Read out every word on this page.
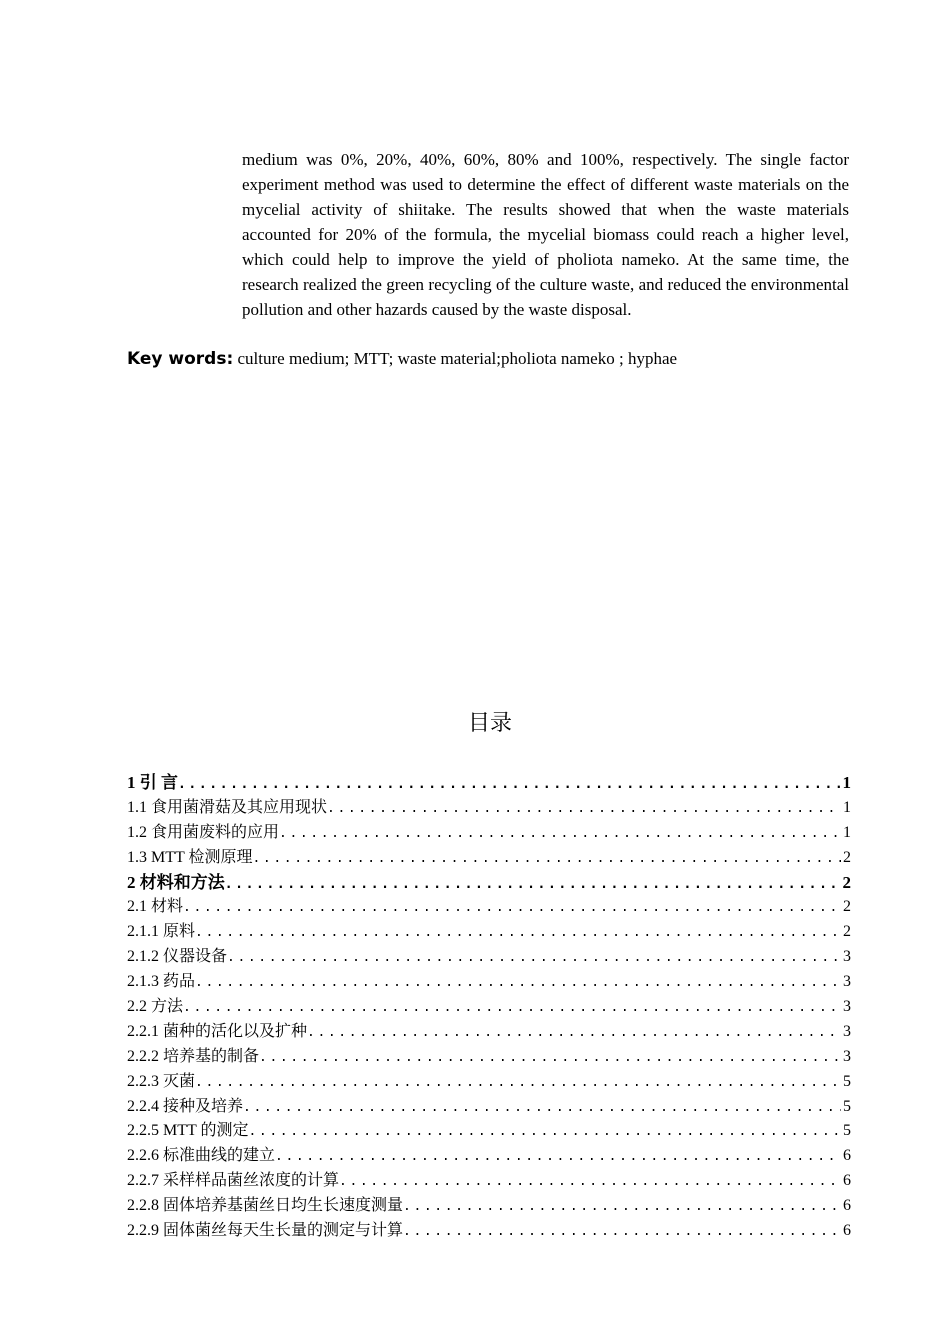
medium was 0%, 20%, 40%, 60%, 80% and 100%, respectively. The single factor experiment method was used to determine the effect of different waste materials on the mycelial activity of shiitake. The results showed that when the waste materials accounted for 20% of the formula, the mycelial biomass could reach a higher level, which could help to improve the yield of pholiota nameko. At the same time, the research realized the green recycling of the culture waste, and reduced the environmental pollution and other hazards caused by the waste disposal.
Key words: culture medium; MTT; waste material;pholiota nameko ; hyphae
目录
1 引 言 .....	1
1.1 食用菌滑菇及其应用现状 .....	1
1.2 食用菌废料的应用 .....	1
1.3 MTT 检测原理 .....	2
2 材料和方法 .....	2
2.1 材料 .....	2
2.1.1 原料 .....	2
2.1.2 仪器设备 .....	3
2.1.3 药品 .....	3
2.2 方法 .....	3
2.2.1 菌种的活化以及扩种 .....	3
2.2.2 培养基的制备 .....	3
2.2.3 灭菌 .....	5
2.2.4 接种及培养 .....	5
2.2.5 MTT 的测定 .....	5
2.2.6 标准曲线的建立 .....	6
2.2.7 采样样品菌丝浓度的计算 .....	6
2.2.8 固体培养基菌丝日均生长速度测量 .....	6
2.2.9 固体菌丝每天生长量的测定与计算 .....	6
